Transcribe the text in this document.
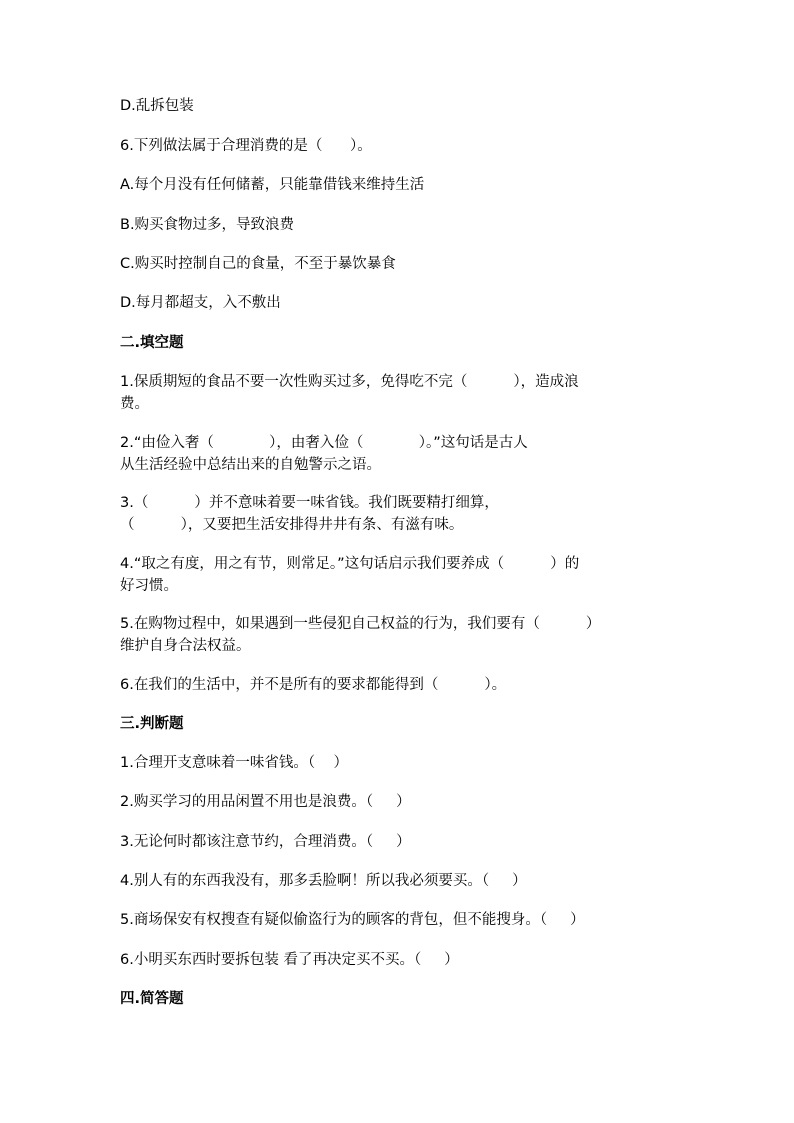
D.乱拆包装
6.下列做法属于合理消费的是（      ）。
A.每个月没有任何储蓄，只能靠借钱来维持生活
B.购买食物过多，导致浪费
C.购买时控制自己的食量，不至于暴饮暴食
D.每月都超支，入不敷出
二.填空题
1.保质期短的食品不要一次性购买过多，免得吃不完（          ），造成浪
费。
2.“由俭入奢（            ），由奢入俭（            ）。”这句话是古人
从生活经验中总结出来的自勉警示之语。
3.（          ）并不意味着要一味省钱。我们既要精打细算，
（          ），又要把生活安排得井井有条、有滋有味。
4.“取之有度，用之有节，则常足。”这句话启示我们要养成（          ）的
好习惯。
5.在购物过程中，如果遇到一些侵犯自己权益的行为，我们要有（          ）
维护自身合法权益。
6.在我们的生活中，并不是所有的要求都能得到（          ）。
三.判断题
1.合理开支意味着一味省钱。（    ）
2.购买学习的用品闲置不用也是浪费。（     ）
3.无论何时都该注意节约，合理消费。（     ）
4.别人有的东西我没有，那多丢脸啊！所以我必须要买。（     ）
5.商场保安有权搜查有疑似偷盗行为的顾客的背包，但不能搜身。（     ）
6.小明买东西时要拆包装 看了再决定买不买。（     ）
四.简答题
